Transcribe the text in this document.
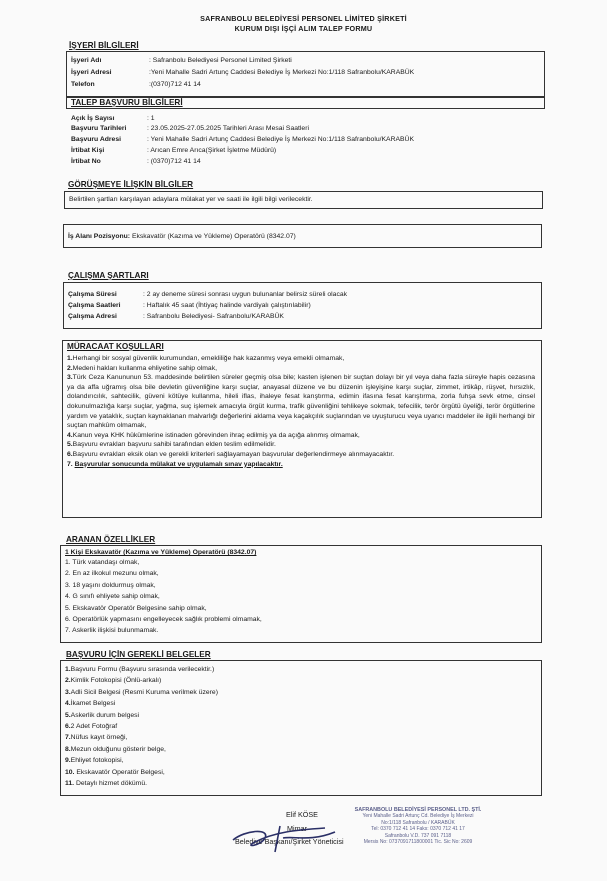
SAFRANBOLU BELEDİYESİ PERSONEL LİMİTED ŞİRKETİ
KURUM DIŞI İŞÇİ ALIM TALEP FORMU
İŞYERİ BİLGİLERİ
İşyeri Adı	: Safranbolu Belediyesi Personel Limited Şirketi
İşyeri Adresi	:Yeni Mahalle Sadri Artunç Caddesi Belediye İş Merkezi No:1/118 Safranbolu/KARABÜK
Telefon	:(0370)712 41 14
TALEP BAŞVURU BİLGİLERİ
Açık İş Sayısı	: 1
Başvuru Tarihleri	: 23.05.2025-27.05.2025 Tarihleri Arası Mesai Saatleri
Başvuru Adresi	: Yeni Mahalle Sadri Artunç Caddesi Belediye İş Merkezi No:1/118 Safranbolu/KARABÜK
İrtibat Kişi	: Arıcan Emre Arıca(Şirket İşletme Müdürü)
İrtibat No	: (0370)712 41 14
GÖRÜŞMEYE İLİŞKİN BİLGİLER
Belirtilen şartları karşılayan adaylara mülakat yer ve saati ile ilgili bilgi verilecektir.
İş Alanı Pozisyonu: Ekskavatör (Kazıma ve Yükleme) Operatörü (8342.07)
ÇALIŞMA ŞARTLARI
Çalışma Süresi	: 2 ay deneme süresi sonrası uygun bulunanlar belirsiz süreli olacak
Çalışma Saatleri	: Haftalık 45 saat (İhtiyaç halinde vardiyalı çalıştırılabilir)
Çalışma Adresi	: Safranbolu Belediyesi- Safranbolu/KARABÜK
MÜRACAAT KOŞULLARI
1.Herhangi bir sosyal güvenlik kurumundan, emekliliğe hak kazanmış veya emekli olmamak,
2.Medeni hakları kullanma ehliyetine sahip olmak,
3.Türk Ceza Kanununun 53. maddesinde belirtilen süreler geçmiş olsa bile; kasten işlenen bir suçtan dolayı bir yıl veya daha fazla süreyle hapis cezasına ya da affa uğramış olsa bile devletin güvenliğine karşı suçlar, anayasal düzene ve bu düzenin işleyişine karşı suçlar, zimmet, irtikâp, rüşvet, hırsızlık, dolandırıcılık, sahtecilik, güveni kötüye kullanma, hileli iflas, ihaleye fesat karıştırma, edimin ifasına fesat karıştırma, zorla fuhşa sevk etme, cinsel dokunulmazlığa karşı suçlar, yağma, suç işlemek amacıyla örgüt kurma, trafik güvenliğini tehlikeye sokmak, tefecilik, terör örgütü üyeliği, terör örgütlerine yardım ve yataklık, suçtan kaynaklanan malvarlığı değerlerini aklama veya kaçakçılık suçlarından ve uyuşturucu veya uyarıcı maddeler ile ilgili herhangi bir suçtan mahkûm olmamak,
4.Kanun veya KHK hükümlerine istinaden görevinden ihraç edilmiş ya da açığa alınmış olmamak,
5.Başvuru evrakları başvuru sahibi tarafından elden teslim edilmelidir.
6.Başvuru evrakları eksik olan ve gerekli kriterleri sağlayamayan başvurular değerlendirmeye alınmayacaktır.
7. Başvurular sonucunda mülakat ve uygulamalı sınav yapılacaktır.
ARANAN ÖZELLİKLER
1 Kişi Ekskavatör (Kazıma ve Yükleme) Operatörü (8342.07)
1. Türk vatandaşı olmak,
2. En az ilkokul mezunu olmak,
3. 18 yaşını doldurmuş olmak,
4. G sınıfı ehliyete sahip olmak,
5. Ekskavatör Operatör Belgesine sahip olmak,
6. Operatörlük yapmasını engelleyecek sağlık problemi olmamak,
7. Askerlik ilişkisi bulunmamak.
BAŞVURU İÇİN GEREKLİ BELGELER
1.Başvuru Formu (Başvuru sırasında verilecektir.)
2.Kimlik Fotokopisi (Önlü-arkalı)
3.Adli Sicil Belgesi (Resmi Kuruma verilmek üzere)
4.İkamet Belgesi
5.Askerlik durum belgesi
6.2 Adet Fotoğraf
7.Nüfus kayıt örneği,
8.Mezun olduğunu gösterir belge,
9.Ehliyet fotokopisi,
10. Ekskavatör Operatör Belgesi,
11. Detaylı hizmet dökümü.
Elif KÖSE
Mimar
Belediye Başkanı/Şirket Yöneticisi
SAFRANBOLU BELEDİYESİ PERSONEL LTD. ŞTİ.
Yeni Mahalle Sadri Artunç Cd. Belediye İş Merkezi
No:1/118 Safranbolu / KARABÜK
Tel: 0370 712 41 14 Faks: 0370 712 41 17
Safranbolu V.D. 737 091 7118
Mersis No: 0737091711800001 Tic. Sic No: 2609
